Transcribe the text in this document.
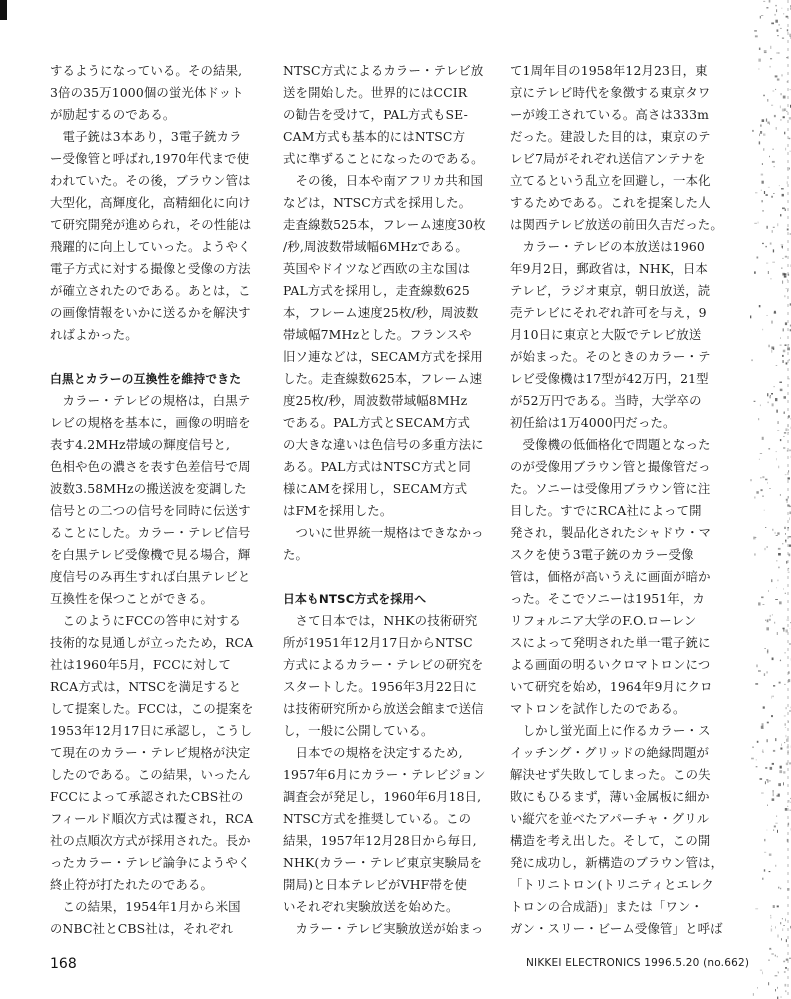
するようになっている。その結果,
3倍の35万1000個の蛍光体ドット
が励起するのである。
　電子銃は3本あり，3電子銃カラ
ー受像管と呼ばれ,1970年代まで使
われていた。その後，ブラウン管は
大型化，高輝度化，高精細化に向け
て研究開発が進められ，その性能は
飛躍的に向上していった。ようやく
電子方式に対する撮像と受像の方法
が確立されたのである。あとは，こ
の画像情報をいかに送るかを解決す
ればよかった。
白黒とカラーの互換性を維持できた
　カラー・テレビの規格は，白黒テ
レビの規格を基本に，画像の明暗を
表す4.2MHz帯域の輝度信号と,
色相や色の濃さを表す色差信号で周
波数3.58MHzの搬送波を変調した
信号との二つの信号を同時に伝送す
ることにした。カラー・テレビ信号
を白黒テレビ受像機で見る場合，輝
度信号のみ再生すれば白黒テレビと
互換性を保つことができる。
　このようにFCCの答申に対する
技術的な見通しが立ったため，RCA
社は1960年5月，FCCに対して
RCA方式は，NTSCを満足すると
して提案した。FCCは，この提案を
1953年12月17日に承認し，こうし
て現在のカラー・テレビ規格が決定
したのである。この結果，いったん
FCCによって承認されたCBS社の
フィールド順次方式は覆され，RCA
社の点順次方式が採用された。長か
ったカラー・テレビ論争にようやく
終止符が打たれたのである。
　この結果，1954年1月から米国
のNBC社とCBS社は，それぞれ
NTSC方式によるカラー・テレビ放
送を開始した。世界的にはCCIR
の勧告を受けて，PAL方式もSE-
CAM方式も基本的にはNTSC方
式に準ずることになったのである。
　その後，日本や南アフリカ共和国
などは，NTSC方式を採用した。
走査線数525本，フレーム速度30枚
/秒,周波数帯域幅6MHzである。
英国やドイツなど西欧の主な国は
PAL方式を採用し，走査線数625
本，フレーム速度25枚/秒，周波数
帯域幅7MHzとした。フランスや
旧ソ連などは，SECAM方式を採用
した。走査線数625本，フレーム速
度25枚/秒，周波数帯域幅8MHz
である。PAL方式とSECAM方式
の大きな違いは色信号の多重方法に
ある。PAL方式はNTSC方式と同
様にAMを採用し，SECAM方式
はFMを採用した。
　ついに世界統一規格はできなかっ
た。
日本もNTSC方式を採用へ
　さて日本では，NHKの技術研究
所が1951年12月17日からNTSC
方式によるカラー・テレビの研究を
スタートした。1956年3月22日に
は技術研究所から放送会館まで送信
し，一般に公開している。
　日本での規格を決定するため,
1957年6月にカラー・テレビジョン
調査会が発足し，1960年6月18日,
NTSC方式を推奨している。この
結果，1957年12月28日から毎日,
NHK(カラー・テレビ東京実験局を
開局)と日本テレビがVHF帯を使
いそれぞれ実験放送を始めた。
　カラー・テレビ実験放送が始まっ
て1周年目の1958年12月23日，東
京にテレビ時代を象徴する東京タワ
ーが竣工されている。高さは333m
だった。建設した目的は，東京のテ
レビ7局がそれぞれ送信アンテナを
立てるという乱立を回避し，一本化
するためである。これを提案した人
は関西テレビ放送の前田久吉だった。
　カラー・テレビの本放送は1960
年9月2日，郵政省は，NHK，日本
テレビ，ラジオ東京，朝日放送，読
売テレビにそれぞれ許可を与え，9
月10日に東京と大阪でテレビ放送
が始まった。そのときのカラー・テ
レビ受像機は17型が42万円，21型
が52万円である。当時，大学卒の
初任給は1万4000円だった。
　受像機の低価格化で問題となった
のが受像用ブラウン管と撮像管だっ
た。ソニーは受像用ブラウン管に注
目した。すでにRCA社によって開
発され，製品化されたシャドウ・マ
スクを使う3電子銃のカラー受像
管は，価格が高いうえに画面が暗か
った。そこでソニーは1951年，カ
リフォルニア大学のF.O.ローレン
スによって発明された単一電子銃に
よる画面の明るいクロマトロンにつ
いて研究を始め，1964年9月にクロ
マトロンを試作したのである。
　しかし蛍光面上に作るカラー・ス
イッチング・グリッドの絶縁問題が
解決せず失敗してしまった。この失
敗にもひるまず，薄い金属板に細か
い縦穴を並べたアパーチャ・グリル
構造を考え出した。そして，この開
発に成功し，新構造のブラウン管は，
「トリニトロン(トリニティとエレク
トロンの合成語)」または「ワン・
ガン・スリー・ビーム受像管」と呼ば
168	NIKKEI ELECTRONICS 1996.5.20 (no.662)
